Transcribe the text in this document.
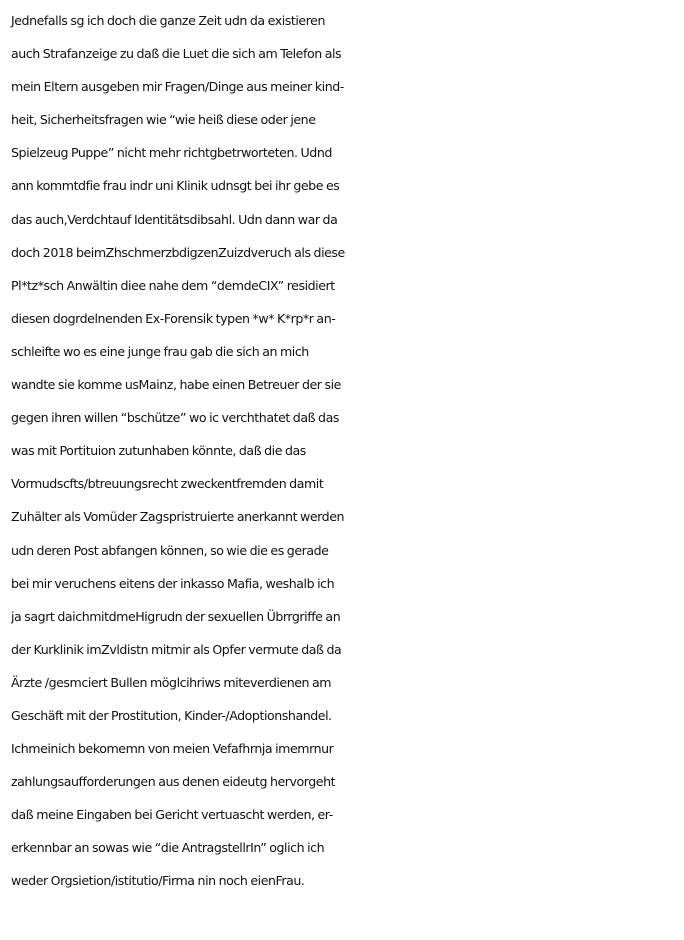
Jednefalls sg ich doch die ganze Zeit udn da existieren
auch Strafanzeige zu daß die Luet die sich am Telefon als
mein Eltern ausgeben mir Fragen/Dinge aus meiner kind-
heit, Sicherheitsfragen wie “wie heiß diese oder jene
Spielzeug Puppe” nicht mehr richtgbetrworteten. Udnd
ann kommtdfie frau indr uni Klinik udnsgt bei ihr gebe es
das auch,Verdchtauf Identitätsdibsahl. Udn dann war da
doch 2018 beimZhschmerzbdigzenZuizdveruch als diese
Pl*tz*sch Anwältin diee nahe dem “demdeCIX” residiert
diesen dogrdelnenden Ex-Forensik typen *w* K*rp*r an-
schleifte wo es eine junge frau gab die sich an mich
wandte sie komme usMainz, habe einen Betreuer der sie
gegen ihren willen “bschütze” wo ic verchthatet daß das
was mit Portituion zutunhaben könnte, daß die das
Vormudscfts/btreuungsrecht zweckentfremden damit
Zuhälter als Vomüder Zagspristruierte anerkannt werden
udn deren Post abfangen können, so wie die es gerade
bei mir veruchens eitens der inkasso Mafia, weshalb ich
ja sagrt daichmitdmeHigrudn der sexuellen Übrrgriffe an
der Kurklinik imZvldistn mitmir als Opfer vermute daß da
Ärzte /gesmciert Bullen möglcihriws miteverdienen am
Geschäft mit der Prostitution, Kinder-/Adoptionshandel.
Ichmeinich bekomemn von meien Vefafhrnja imemrnur
zahlungsaufforderungen aus denen eideutg hervorgeht
daß meine Eingaben bei Gericht vertuascht werden, er-
erkennbar an sowas wie “die AntragstellrIn” oglich ich
weder Orgsietion/istitutio/Firma nin noch eienFrau.
